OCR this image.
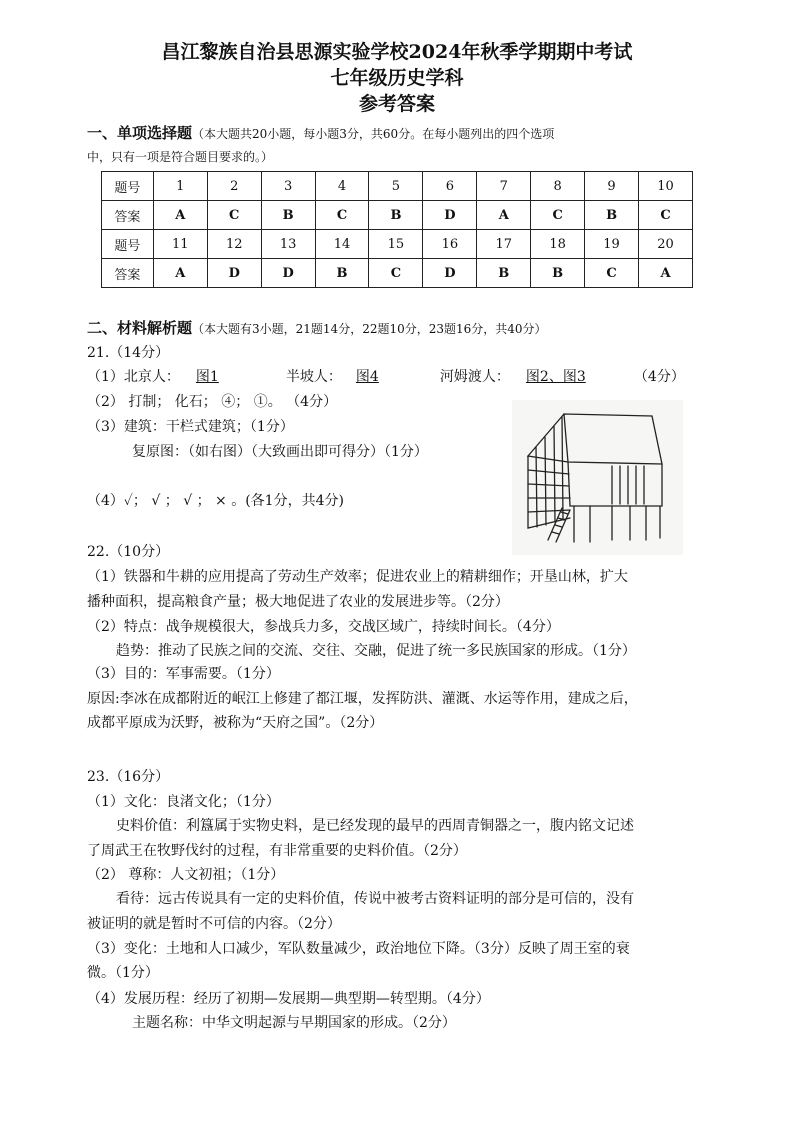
昌江黎族自治县思源实验学校2024年秋季学期期中考试
七年级历史学科
参考答案
一、单项选择题（本大题共20小题，每小题3分，共60分。在每小题列出的四个选项
中，只有一项是符合题目要求的。）
题号	1	2	3	4	5	6	7	8	9	10
答案	A	C	B	C	B	D	A	C	B	C
题号	11	12	13	14	15	16	17	18	19	20
答案	A	D	D	B	C	D	B	B	C	A
二、材料解析题（本大题有3小题，21题14分，22题10分，23题16分，共40分）
21.（14分）
（1）北京人： 图1	半坡人： 图4	河姆渡人： 图2、图3	（4分）
（2） 打制； 化石； ④； ①。 （4分）
（3）建筑：干栏式建筑；（1分）
复原图：（如右图）（大致画出即可得分）（1分）
（4）✓； √ ； √ ； × 。(各1分，共4分)
22.（10分）
（1）铁器和牛耕的应用提高了劳动生产效率；促进农业上的精耕细作；开垦山林，扩大
播种面积，提高粮食产量；极大地促进了农业的发展进步等。（2分）
（2）特点：战争规模很大，参战兵力多，交战区域广，持续时间长。（4分）
趋势：推动了民族之间的交流、交往、交融，促进了统一多民族国家的形成。（1分）
（3）目的：军事需要。（1分）
原因:李冰在成都附近的岷江上修建了都江堰，发挥防洪、灌溉、水运等作用，建成之后，
成都平原成为沃野，被称为“天府之国”。（2分）
23.（16分）
（1）文化：良渚文化；（1分）
史料价值：利簋属于实物史料，是已经发现的最早的西周青铜器之一，腹内铭文记述
了周武王在牧野伐纣的过程，有非常重要的史料价值。（2分）
（2） 尊称：人文初祖；（1分）
看待：远古传说具有一定的史料价值，传说中被考古资料证明的部分是可信的，没有
被证明的就是暂时不可信的内容。（2分）
（3）变化：土地和人口减少，军队数量减少，政治地位下降。（3分）反映了周王室的衰
微。（1分）
（4）发展历程：经历了初期—发展期—典型期—转型期。（4分）
主题名称：中华文明起源与早期国家的形成。（2分）
